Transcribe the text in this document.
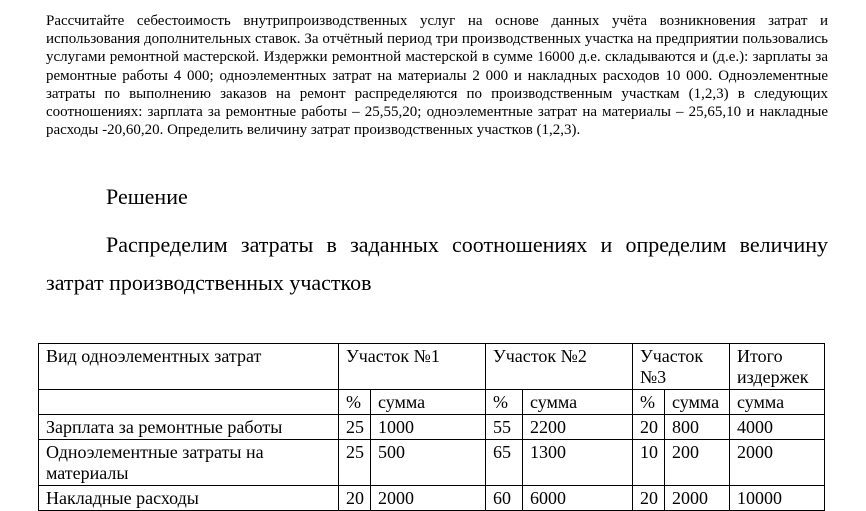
Рассчитайте себестоимость внутрипроизводственных услуг на основе данных учёта возникновения затрат и использования дополнительных ставок. За отчётный период три производственных участка на предприятии пользовались услугами ремонтной мастерской. Издержки ремонтной мастерской в сумме 16000 д.е. складываются и (д.е.): зарплаты за ремонтные работы 4 000; одноэлементных затрат на материалы 2 000 и накладных расходов 10 000. Одноэлементные затраты по выполнению заказов на ремонт распределяются по производственным участкам (1,2,3) в следующих соотношениях: зарплата за ремонтные работы – 25,55,20; одноэлементные затрат на материалы – 25,65,10 и накладные расходы -20,60,20. Определить величину затрат производственных участков (1,2,3).
Решение
Распределим затраты в заданных соотношениях и определим величину затрат производственных участков
Вид одноэлементных затрат	Участок №1		Участок №2		Участок №3		Итого издержек
	%	сумма	%	сумма	%	сумма	сумма
Зарплата за ремонтные работы	25	1000	55	2200	20	800	4000
Одноэлементные затраты на материалы	25	500	65	1300	10	200	2000
Накладные расходы	20	2000	60	6000	20	2000	10000
